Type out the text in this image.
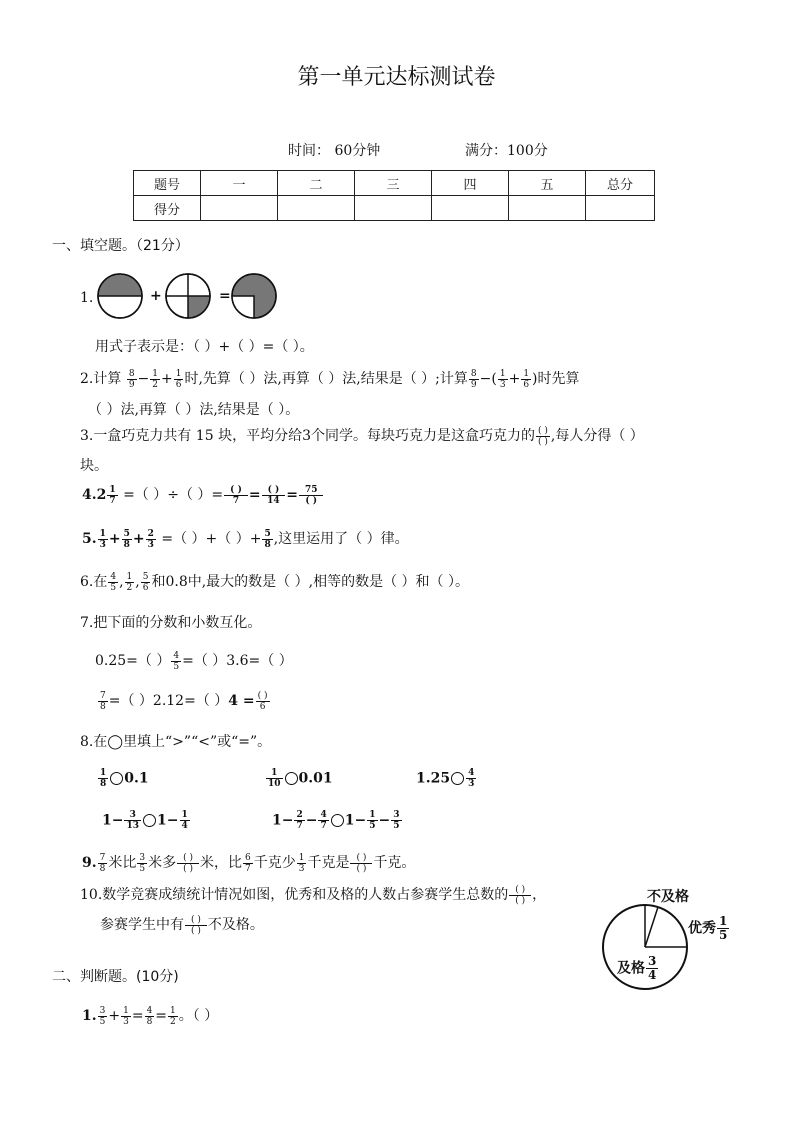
第一单元达标测试卷
时间： 60分钟	满分：100分
题号	一	二	三	四	五	总分
得分						
一、填空题。（21分）
1.	+	=
用式子表示是：（ ）+（ ）=（ ）。
2.计算 $\frac{8}{9} - \frac{1}{2} + \frac{1}{6}$ 时,先算（ ）法,再算（ ）法,结果是（ ）;计算 $\frac{8}{9}$ −( $\frac{1}{3} + \frac{1}{6}$ )时先算
（ ）法,再算（ ）法,结果是（ ）。
3.一盒巧克力共有 15 块，平均分给3个同学。每块巧克力是这盒巧克力的 $\frac{( )}{( )}$ ,每人分得（ ）
块。
$4.2 \frac{1}{7}$ =（ ）÷（ ）= $\frac{( )}{7} = \frac{( )}{14} = \frac{75}{( )}$
5. $\frac{1}{3} + \frac{5}{8} + \frac{2}{3}$ =（ ）+（ ）+ $\frac{5}{8}$ ,这里运用了（ ）律。
6.在 $\frac{4}{5}$ , $\frac{1}{2}$ , $\frac{5}{6}$ 和0.8中,最大的数是（ ）,相等的数是（ ）和（ ）。
7.把下面的分数和小数互化。
0.25=（ ） $\frac{4}{5}$ =（ ）3.6=（ ）
$\frac{7}{8}$ =（ ）2.12=（ ）$4 = \frac{( )}{6}$
8.在◯里填上“>”“<”或“=”。
$\frac{1}{8} 0.1$	$\frac{1}{10} 0.01$	$1.25 \frac{4}{3}$
$1- \frac{3}{13} 1- \frac{1}{4}$	$1- \frac{2}{7} - \frac{4}{7} 1- \frac{1}{5} - \frac{3}{5}$
9. $\frac{7}{8}$ 米比 $\frac{3}{5}$ 米多 $\frac{( )}{( )}$ 米，比 $\frac{6}{7}$ 千克少 $\frac{1}{3}$ 千克是 $\frac{( )}{( )}$ 千克。
10.数学竞赛成绩统计情况如图，优秀和及格的人数占参赛学生总数的 $\frac{( )}{( )}$ ，
参赛学生中有 $\frac{( )}{( )}$ 不及格。
不及格
优秀 $\frac{1}{5}$
及格 $\frac{3}{4}$
二、判断题。(10分)
1. $\frac{3}{5} + \frac{1}{3} = \frac{4}{8} = \frac{1}{2}$ 。（ ）
